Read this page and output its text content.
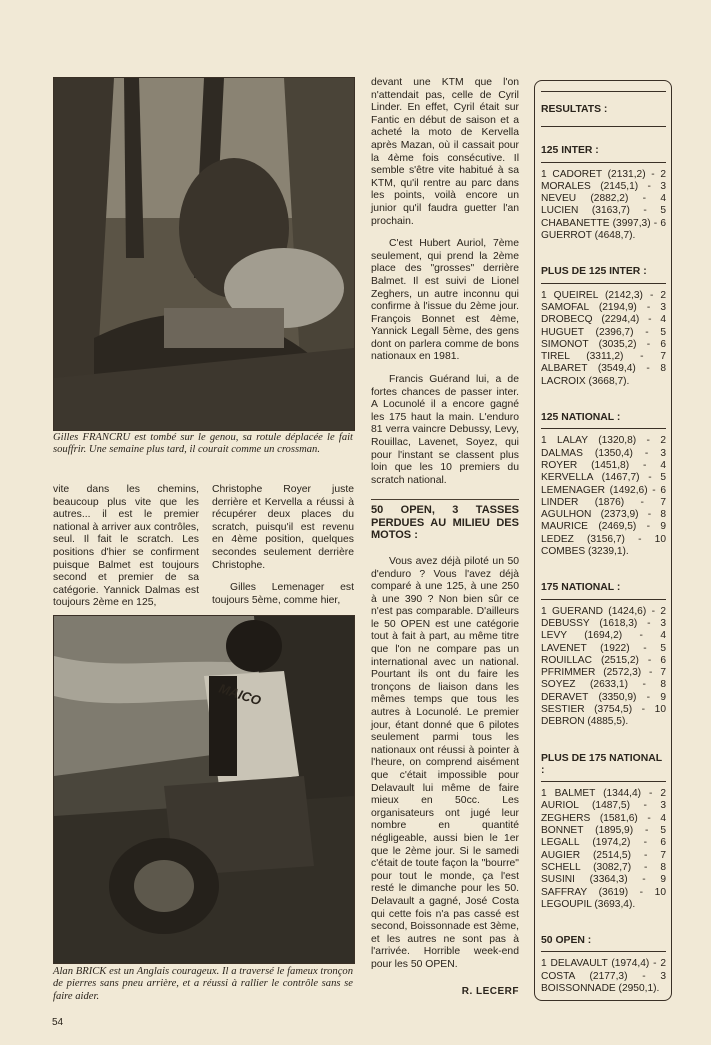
Gilles FRANCRU est tombé sur le genou, sa rotule déplacée le fait souffrir. Une semaine plus tard, il courait comme un crossman.

vite dans les chemins, beaucoup plus vite que les autres... il est le premier national à arriver aux contrôles, seul. Il fait le scratch. Les positions d'hier se confirment puisque Balmet est toujours second et premier de sa catégorie. Yannick Dalmas est toujours 2ème en 125,

Christophe Royer juste derrière et Kervella a réussi à récupérer deux places du scratch, puisqu'il est revenu en 4ème position, quelques secondes seulement derrière Christophe.

Gilles Lemenager est toujours 5ème, comme hier,

MAICO
Alan BRICK est un Anglais courageux. Il a traversé le fameux tronçon de pierres sans pneu arrière, et a réussi à rallier le contrôle sans se faire aider.

devant une KTM que l'on n'attendait pas, celle de Cyril Linder. En effet, Cyril était sur Fantic en début de saison et a acheté la moto de Kervella après Mazan, où il cassait pour la 4ème fois consécutive. Il semble s'être vite habitué à sa KTM, qu'il rentre au parc dans les points, voilà encore un junior qu'il faudra guetter l'an prochain.

C'est Hubert Auriol, 7ème seulement, qui prend la 2ème place des "grosses" derrière Balmet. Il est suivi de Lionel Zeghers, un autre inconnu qui confirme à l'issue du 2ème jour. François Bonnet est 4ème, Yannick Legall 5ème, des gens dont on parlera comme de bons nationaux en 1981.

Francis Guérand lui, a de fortes chances de passer inter. A Locunolé il a encore gagné les 175 haut la main. L'enduro 81 verra vaincre Debussy, Levy, Rouillac, Lavenet, Soyez, qui pour l'instant se classent plus loin que les 10 premiers du scratch national.

50 OPEN, 3 TASSES PERDUES AU MILIEU DES MOTOS :

Vous avez déjà piloté un 50 d'enduro ? Vous l'avez déjà comparé à une 125, à une 250 à une 390 ? Non bien sûr ce n'est pas comparable. D'ailleurs le 50 OPEN est une catégorie tout à fait à part, au même titre que l'on ne compare pas un international avec un national. Pourtant ils ont du faire les tronçons de liaison dans les mêmes temps que tous les autres à Locunolé. Le premier jour, étant donné que 6 pilotes seulement parmi tous les nationaux ont réussi à pointer à l'heure, on comprend aisément que c'était impossible pour Delavault lui même de faire mieux en 50cc. Les organisateurs ont jugé leur nombre en quantité négligeable, aussi bien le 1er que le 2ème jour. Si le samedi c'était de toute façon la "bourre" pour tout le monde, ça l'est resté le dimanche pour les 50. Delavault a gagné, José Costa qui cette fois n'a pas cassé est second, Boissonnade est 3ème, et les autres ne sont pas à l'arrivée. Horrible week-end pour les 50 OPEN.

R. LECERF
RESULTATS :
125 INTER :
1 CADORET (2131,2) - 2 MORALES (2145,1) - 3 NEVEU (2882,2) - 4 LUCIEN (3163,7) - 5 CHABANETTE (3997,3) - 6 GUERROT (4648,7).
PLUS DE 125 INTER :
1 QUEIREL (2142,3) - 2 SAMOFAL (2194,9) - 3 DROBECQ (2294,4) - 4 HUGUET (2396,7) - 5 SIMONOT (3035,2) - 6 TIREL (3311,2) - 7 ALBARET (3549,4) - 8 LACROIX (3668,7).
125 NATIONAL :
1 LALAY (1320,8) - 2 DALMAS (1350,4) - 3 ROYER (1451,8) - 4 KERVELLA (1467,7) - 5 LEMENAGER (1492,6) - 6 LINDER (1876) - 7 AGULHON (2373,9) - 8 MAURICE (2469,5) - 9 LEDEZ (3156,7) - 10 COMBES (3239,1).
175 NATIONAL :
1 GUERAND (1424,6) - 2 DEBUSSY (1618,3) - 3 LEVY (1694,2) - 4 LAVENET (1922) - 5 ROUILLAC (2515,2) - 6 PFRIMMER (2572,3) - 7 SOYEZ (2633,1) - 8 DERAVET (3350,9) - 9 SESTIER (3754,5) - 10 DEBRON (4885,5).
PLUS DE 175 NATIONAL :
1 BALMET (1344,4) - 2 AURIOL (1487,5) - 3 ZEGHERS (1581,6) - 4 BONNET (1895,9) - 5 LEGALL (1974,2) - 6 AUGIER (2514,5) - 7 SCHELL (3082,7) - 8 SUSINI (3364,3) - 9 SAFFRAY (3619) - 10 LEGOUPIL (3693,4).
50 OPEN :
1 DELAVAULT (1974,4) - 2 COSTA (2177,3) - 3 BOISSONNADE (2950,1).
54
